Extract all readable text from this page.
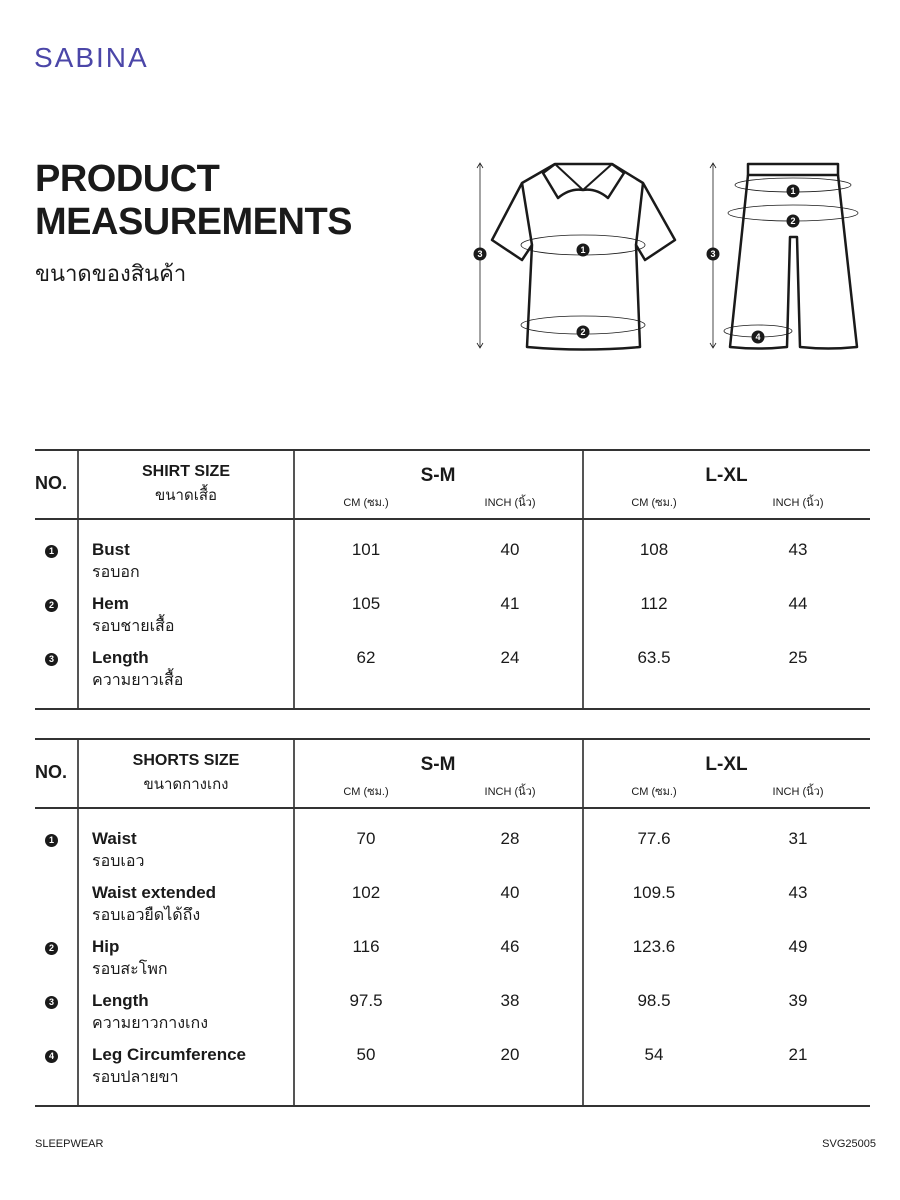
SABINA
PRODUCT
MEASUREMENTS
ขนาดของสินค้า
1
2
3
1
2
3
4
NO.
SHIRT SIZE
ขนาดเสื้อ
S-M	L-XL
CM (ซม.)	INCH (นิ้ว)	CM (ซม.)	INCH (นิ้ว)
1 Bust
รอบอก
101	40	108	43
2 Hem
รอบชายเสื้อ
105	41	112	44
3 Length
ความยาวเสื้อ
62	24	63.5	25
NO.
SHORTS SIZE
ขนาดกางเกง
S-M	L-XL
CM (ซม.)	INCH (นิ้ว)	CM (ซม.)	INCH (นิ้ว)
1 Waist
รอบเอว
70	28	77.6	31
Waist extended
รอบเอวยืดได้ถึง
102	40	109.5	43
2 Hip
รอบสะโพก
116	46	123.6	49
3 Length
ความยาวกางเกง
97.5	38	98.5	39
4 Leg Circumference
รอบปลายขา
50	20	54	21
SLEEPWEAR	SVG25005
